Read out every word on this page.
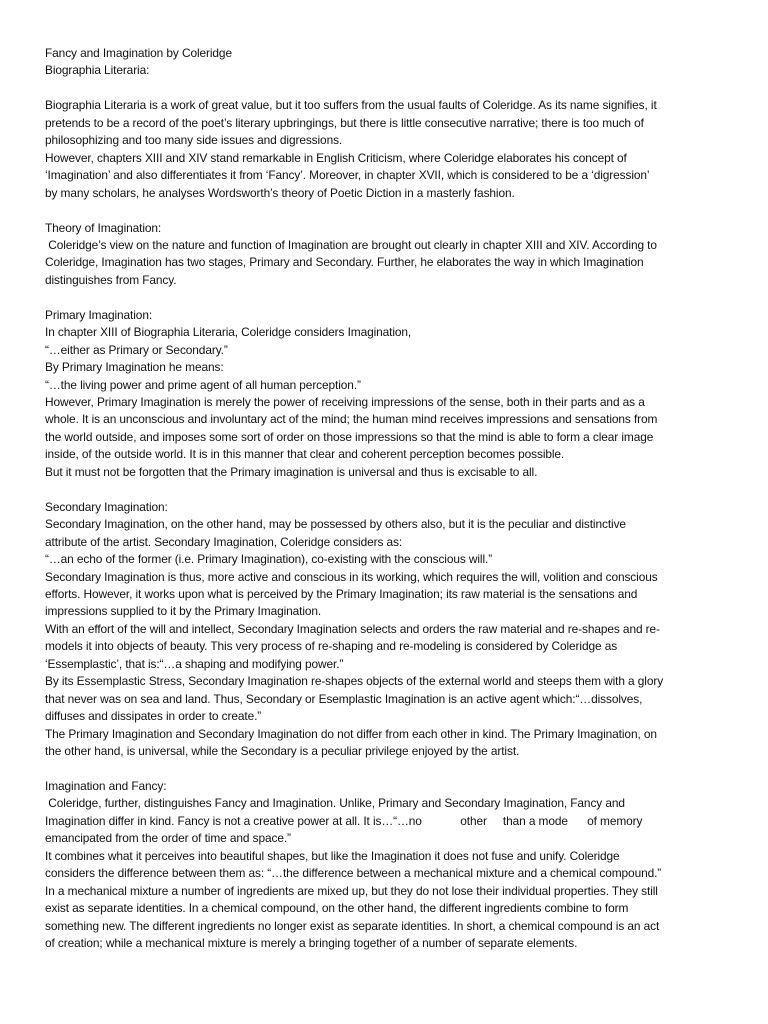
Fancy and Imagination by Coleridge
Biographia Literaria:
Biographia Literaria is a work of great value, but it too suffers from the usual faults of Coleridge. As its name signifies, it
pretends to be a record of the poet’s literary upbringings, but there is little consecutive narrative; there is too much of
philosophizing and too many side issues and digressions.
However, chapters XIII and XIV stand remarkable in English Criticism, where Coleridge elaborates his concept of
‘Imagination’ and also differentiates it from ‘Fancy’. Moreover, in chapter XVII, which is considered to be a ‘digression’
by many scholars, he analyses Wordsworth’s theory of Poetic Diction in a masterly fashion.
Theory of Imagination:
Coleridge’s view on the nature and function of Imagination are brought out clearly in chapter XIII and XIV. According to
Coleridge, Imagination has two stages, Primary and Secondary. Further, he elaborates the way in which Imagination
distinguishes from Fancy.
Primary Imagination:
In chapter XIII of Biographia Literaria, Coleridge considers Imagination,
“…either as Primary or Secondary.”
By Primary Imagination he means:
“…the living power and prime agent of all human perception.”
However, Primary Imagination is merely the power of receiving impressions of the sense, both in their parts and as a
whole. It is an unconscious and involuntary act of the mind; the human mind receives impressions and sensations from
the world outside, and imposes some sort of order on those impressions so that the mind is able to form a clear image
inside, of the outside world. It is in this manner that clear and coherent perception becomes possible.
But it must not be forgotten that the Primary imagination is universal and thus is excisable to all.
Secondary Imagination:
Secondary Imagination, on the other hand, may be possessed by others also, but it is the peculiar and distinctive
attribute of the artist. Secondary Imagination, Coleridge considers as:
“…an echo of the former (i.e. Primary Imagination), co-existing with the conscious will.”
Secondary Imagination is thus, more active and conscious in its working, which requires the will, volition and conscious
efforts. However, it works upon what is perceived by the Primary Imagination; its raw material is the sensations and
impressions supplied to it by the Primary Imagination.
With an effort of the will and intellect, Secondary Imagination selects and orders the raw material and re-shapes and re-
models it into objects of beauty. This very process of re-shaping and re-modeling is considered by Coleridge as
‘Essemplastic’, that is:“…a shaping and modifying power.”
By its Essemplastic Stress, Secondary Imagination re-shapes objects of the external world and steeps them with a glory
that never was on sea and land. Thus, Secondary or Esemplastic Imagination is an active agent which:“…dissolves,
diffuses and dissipates in order to create.”
The Primary Imagination and Secondary Imagination do not differ from each other in kind. The Primary Imagination, on
the other hand, is universal, while the Secondary is a peculiar privilege enjoyed by the artist.
Imagination and Fancy:
Coleridge, further, distinguishes Fancy and Imagination. Unlike, Primary and Secondary Imagination, Fancy and
Imagination differ in kind. Fancy is not a creative power at all. It is…“…no            other     than a mode      of memory
emancipated from the order of time and space.”
It combines what it perceives into beautiful shapes, but like the Imagination it does not fuse and unify. Coleridge
considers the difference between them as: “…the difference between a mechanical mixture and a chemical compound.”
In a mechanical mixture a number of ingredients are mixed up, but they do not lose their individual properties. They still
exist as separate identities. In a chemical compound, on the other hand, the different ingredients combine to form
something new. The different ingredients no longer exist as separate identities. In short, a chemical compound is an act
of creation; while a mechanical mixture is merely a bringing together of a number of separate elements.
